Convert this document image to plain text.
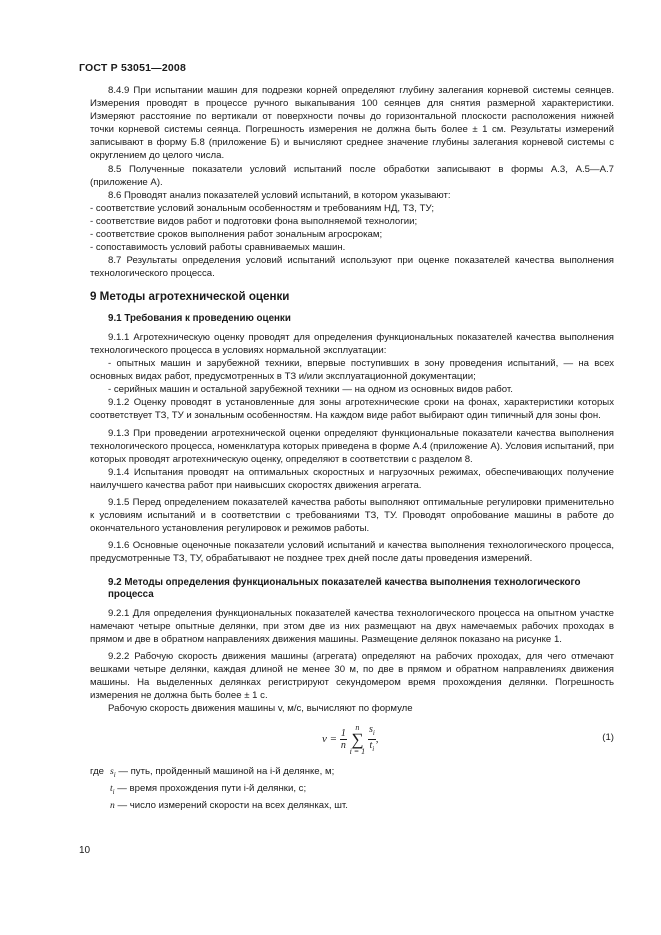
ГОСТ Р 53051—2008

8.4.9 При испытании машин для подрезки корней определяют глубину залегания корневой системы сеянцев. Измерения проводят в процессе ручного выкапывания 100 сеянцев для снятия размерной характеристики. Измеряют расстояние по вертикали от поверхности почвы до горизонтальной плоскости расположения нижней точки корневой системы сеянца. Погрешность измерения не должна быть более ± 1 см. Результаты измерений записывают в форму Б.8 (приложение Б) и вычисляют среднее значение глубины залегания корневой системы с округлением до целого числа.

8.5 Полученные показатели условий испытаний после обработки записывают в формы А.3, А.5—А.7 (приложение А).

8.6 Проводят анализ показателей условий испытаний, в котором указывают:

- соответствие условий зональным особенностям и требованиям НД, ТЗ, ТУ;

- соответствие видов работ и подготовки фона выполняемой технологии;

- соответствие сроков выполнения работ зональным агросрокам;

- сопоставимость условий работы сравниваемых машин.

8.7 Результаты определения условий испытаний используют при оценке показателей качества выполнения технологического процесса.

9 Методы агротехнической оценки
9.1 Требования к проведению оценки

9.1.1 Агротехническую оценку проводят для определения функциональных показателей качества выполнения технологического процесса в условиях нормальной эксплуатации:

- опытных машин и зарубежной техники, впервые поступивших в зону проведения испытаний, — на всех основных видах работ, предусмотренных в ТЗ и/или эксплуатационной документации;

- серийных машин и остальной зарубежной техники — на одном из основных видов работ.

9.1.2 Оценку проводят в установленные для зоны агротехнические сроки на фонах, характеристики которых соответствует ТЗ, ТУ и зональным особенностям. На каждом виде работ выбирают один типичный для зоны фон.

9.1.3 При проведении агротехнической оценки определяют функциональные показатели качества выполнения технологического процесса, номенклатура которых приведена в форме А.4 (приложение А). Условия испытаний, при которых проводят агротехническую оценку, определяют в соответствии с разделом 8.

9.1.4 Испытания проводят на оптимальных скоростных и нагрузочных режимах, обеспечивающих получение наилучшего качества работ при наивысших скоростях движения агрегата.

9.1.5 Перед определением показателей качества работы выполняют оптимальные регулировки применительно к условиям испытаний и в соответствии с требованиями ТЗ, ТУ. Проводят опробование машины в работе до окончательного установления регулировок и режимов работы.

9.1.6 Основные оценочные показатели условий испытаний и качества выполнения технологического процесса, предусмотренные ТЗ, ТУ, обрабатывают не позднее трех дней после даты проведения измерений.

9.2 Методы определения функциональных показателей качества выполнения технологического процесса

9.2.1 Для определения функциональных показателей качества технологического процесса на опытном участке намечают четыре опытные делянки, при этом две из них размещают на двух намечаемых рабочих проходах в прямом и две в обратном направлениях движения машины. Размещение делянок показано на рисунке 1.

9.2.2 Рабочую скорость движения машины (агрегата) определяют на рабочих проходах, для чего отмечают вешками четыре делянки, каждая длиной не менее 30 м, по две в прямом и обратном направлениях движения машины. На выделенных делянках регистрируют секундомером время прохождения делянки. Погрешность измерения не должна быть более ± 1 с.

Рабочую скорость движения машины v, м/с, вычисляют по формуле

$v = \frac{1}{n}$
n
∑
$i = 1 \frac{s_i}{t_i}$ ,	(1)
где $s_i$ — путь, пройденный машиной на i-й делянке, м;
$t_i$ — время прохождения пути i-й делянки, с;
n — число измерений скорости на всех делянках, шт.
10
